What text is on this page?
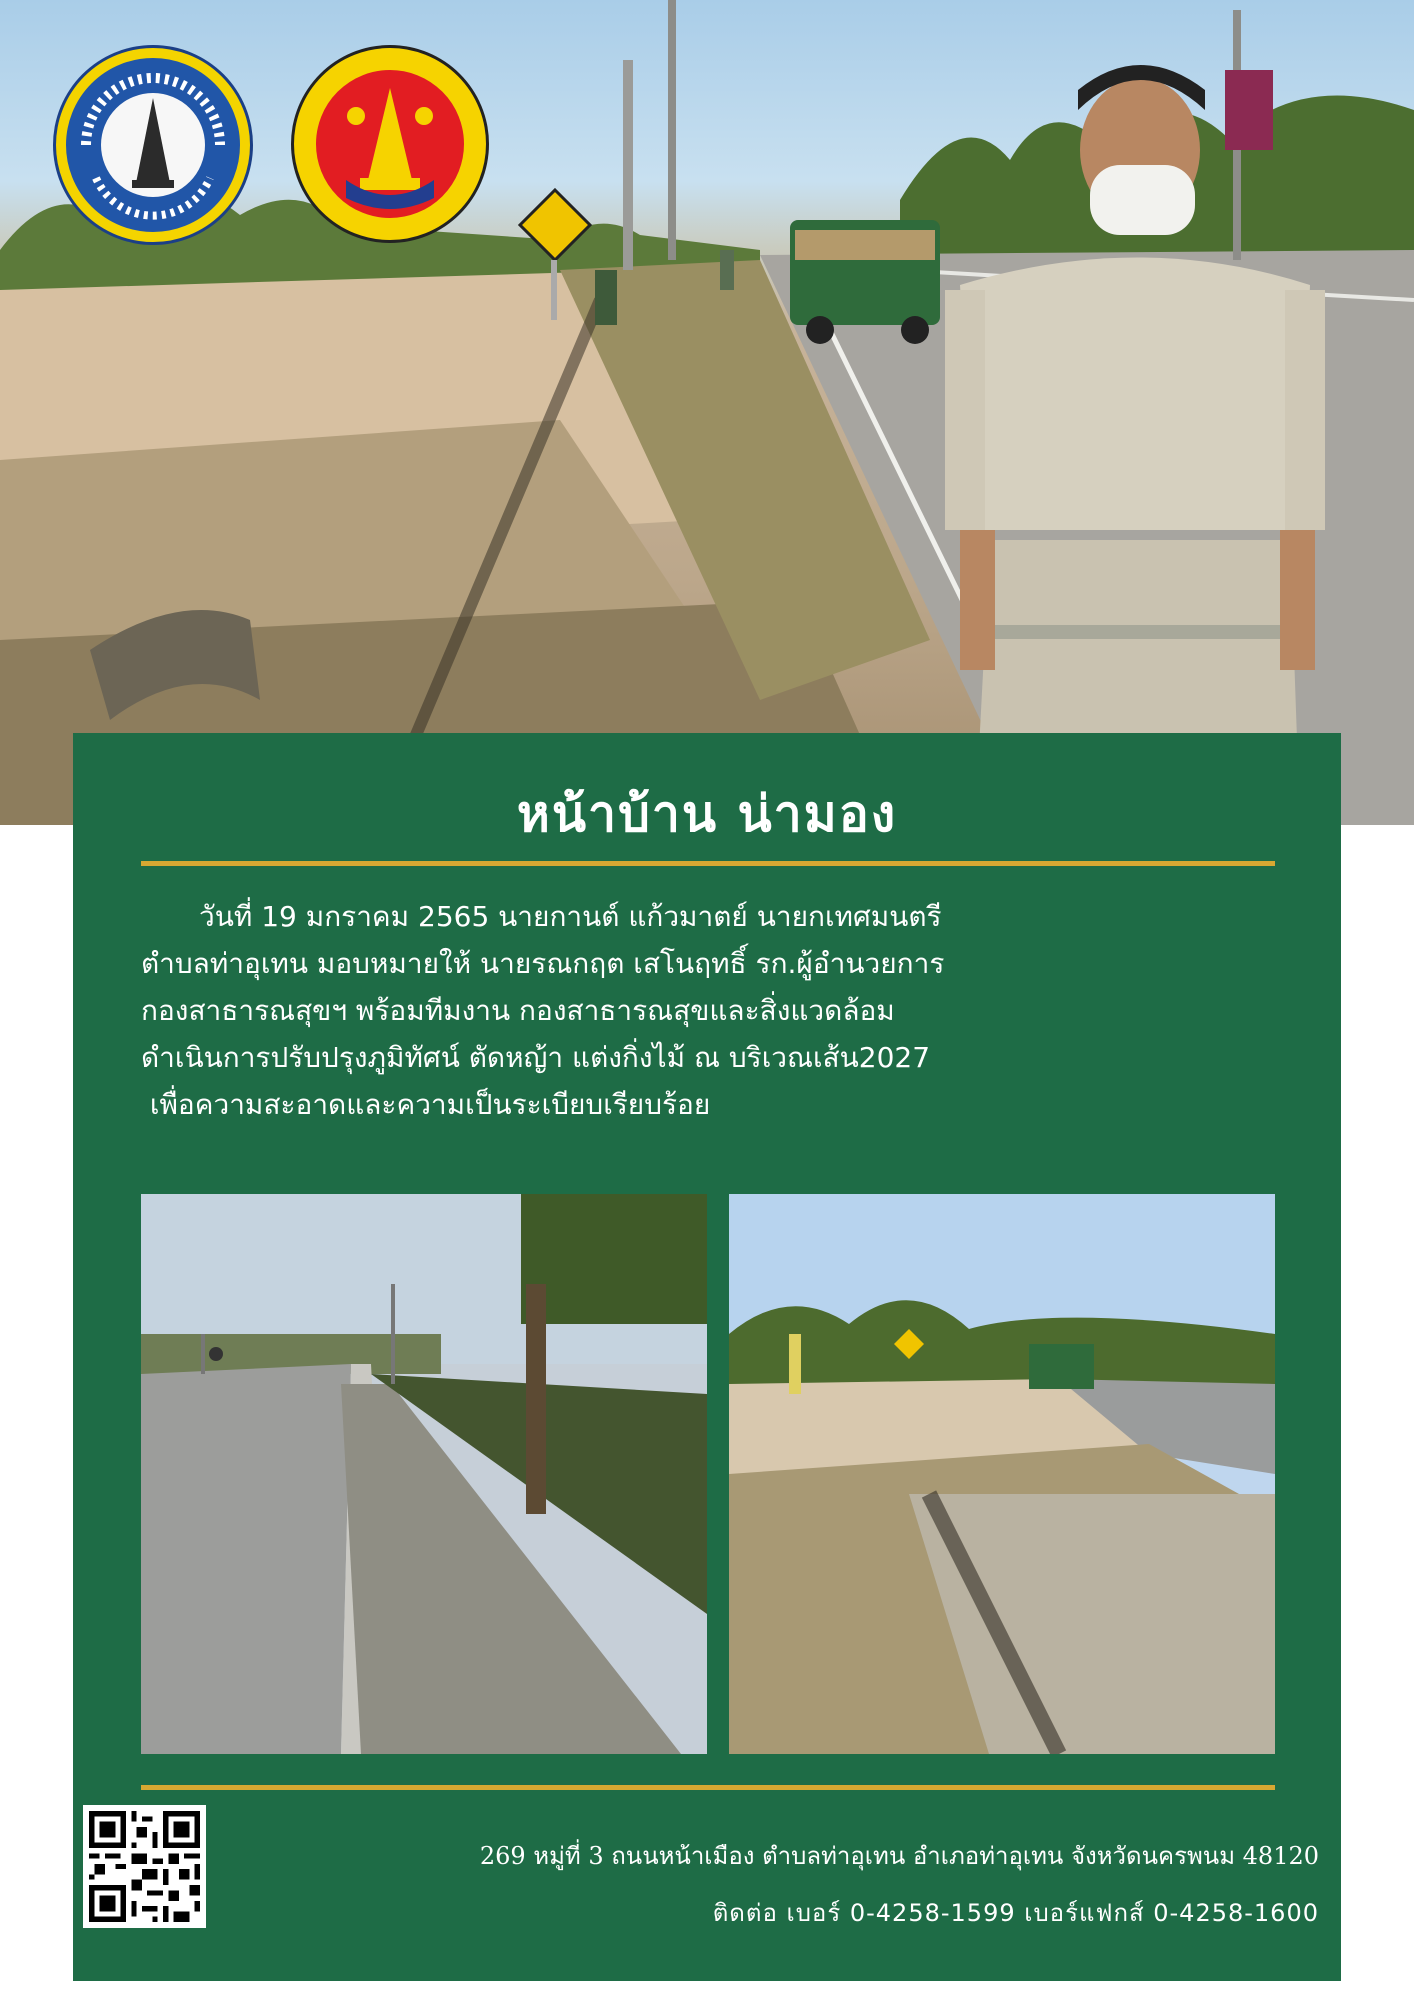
หน้าบ้าน น่ามอง
วันที่ 19 มกราคม 2565 นายกานต์ แก้วมาตย์ นายกเทศมนตรี
ตำบลท่าอุเทน มอบหมายให้ นายรณกฤต เสโนฤทธิ์ รก.ผู้อำนวยการ
กองสาธารณสุขฯ พร้อมทีมงาน กองสาธารณสุขและสิ่งแวดล้อม
ดำเนินการปรับปรุงภูมิทัศน์ ตัดหญ้า แต่งกิ่งไม้ ณ บริเวณเส้น2027
เพื่อความสะอาดและความเป็นระเบียบเรียบร้อย
269 หมู่ที่ 3 ถนนหน้าเมือง ตำบลท่าอุเทน อำเภอท่าอุเทน จังหวัดนครพนม 48120
ติดต่อ เบอร์ 0-4258-1599 เบอร์แฟกส์ 0-4258-1600
